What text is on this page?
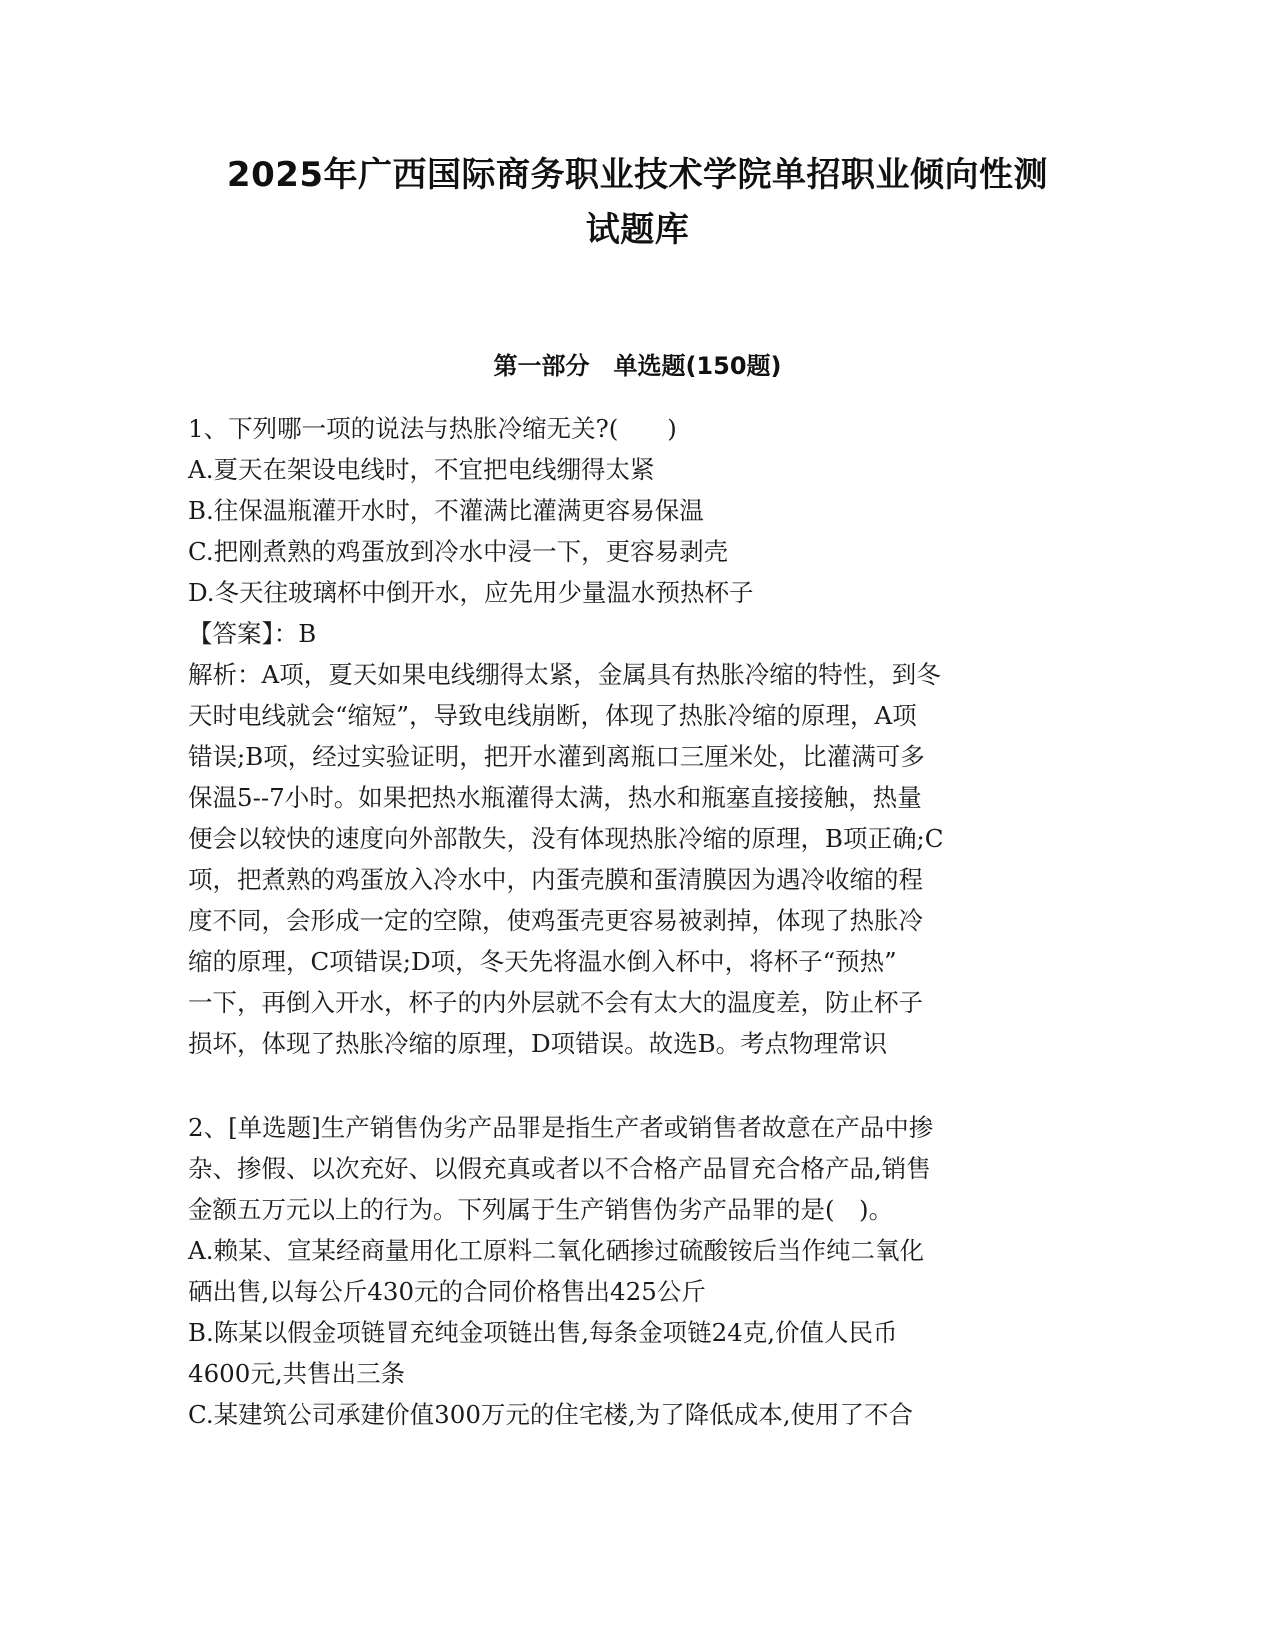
2025年广西国际商务职业技术学院单招职业倾向性测
试题库
第一部分　单选题(150题)
1、下列哪一项的说法与热胀冷缩无关?(　　)
A.夏天在架设电线时，不宜把电线绷得太紧
B.往保温瓶灌开水时，不灌满比灌满更容易保温
C.把刚煮熟的鸡蛋放到冷水中浸一下，更容易剥壳
D.冬天往玻璃杯中倒开水，应先用少量温水预热杯子
【答案】：B
解析：A项，夏天如果电线绷得太紧，金属具有热胀冷缩的特性，到冬
天时电线就会“缩短”，导致电线崩断，体现了热胀冷缩的原理，A项
错误;B项，经过实验证明，把开水灌到离瓶口三厘米处，比灌满可多
保温5--7小时。如果把热水瓶灌得太满，热水和瓶塞直接接触，热量
便会以较快的速度向外部散失，没有体现热胀冷缩的原理，B项正确;C
项，把煮熟的鸡蛋放入冷水中，内蛋壳膜和蛋清膜因为遇冷收缩的程
度不同，会形成一定的空隙，使鸡蛋壳更容易被剥掉，体现了热胀冷
缩的原理，C项错误;D项，冬天先将温水倒入杯中，将杯子“预热”
一下，再倒入开水，杯子的内外层就不会有太大的温度差，防止杯子
损坏，体现了热胀冷缩的原理，D项错误。故选B。考点物理常识
2、[单选题]生产销售伪劣产品罪是指生产者或销售者故意在产品中掺
杂、掺假、以次充好、以假充真或者以不合格产品冒充合格产品,销售
金额五万元以上的行为。下列属于生产销售伪劣产品罪的是(　)。
A.赖某、宣某经商量用化工原料二氧化硒掺过硫酸铵后当作纯二氧化
硒出售,以每公斤430元的合同价格售出425公斤
B.陈某以假金项链冒充纯金项链出售,每条金项链24克,价值人民币
4600元,共售出三条
C.某建筑公司承建价值300万元的住宅楼,为了降低成本,使用了不合
